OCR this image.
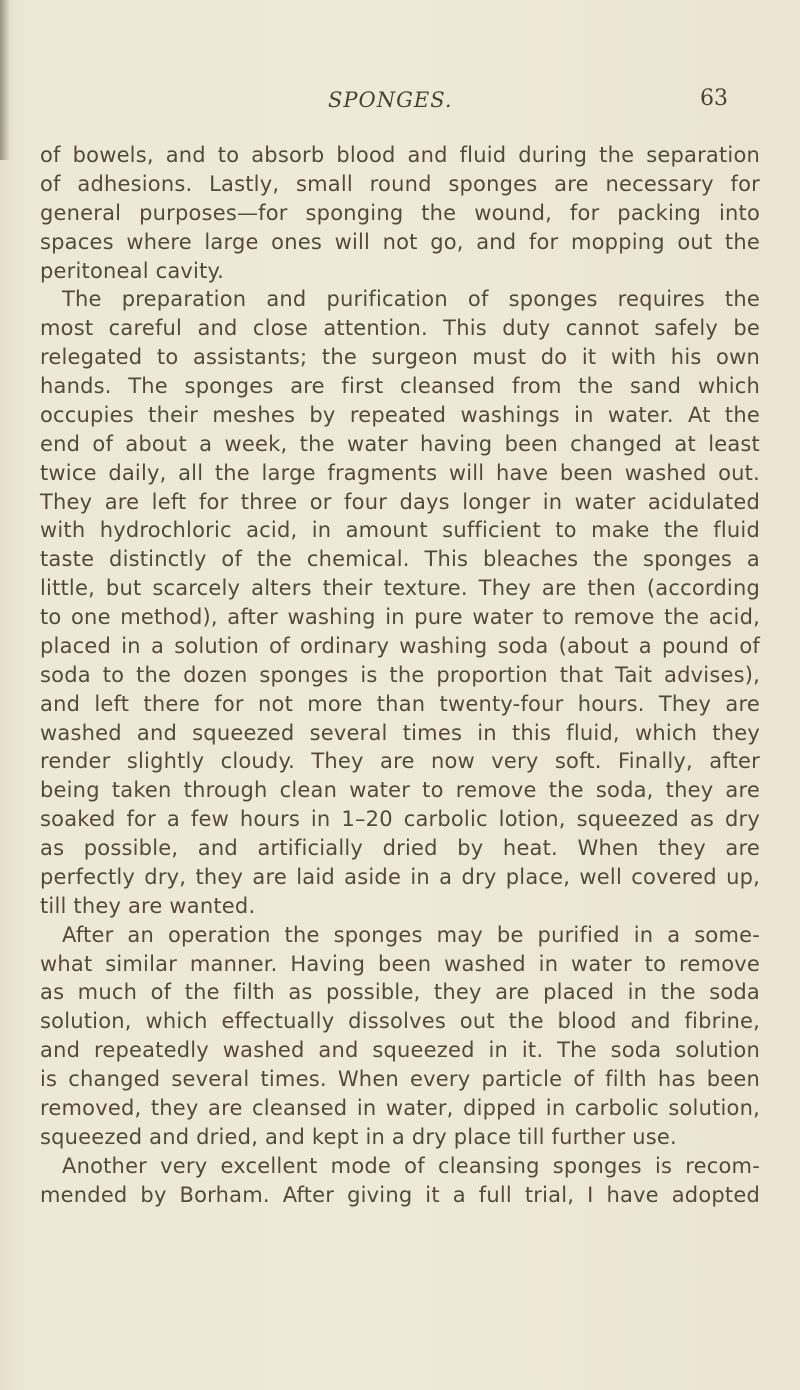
SPONGES.	63
of bowels, and to absorb blood and fluid during the separation
of adhesions. Lastly, small round sponges are necessary for
general purposes—for sponging the wound, for packing into
spaces where large ones will not go, and for mopping out the
peritoneal cavity.
The preparation and purification of sponges requires the
most careful and close attention. This duty cannot safely be
relegated to assistants; the surgeon must do it with his own
hands. The sponges are first cleansed from the sand which
occupies their meshes by repeated washings in water. At the
end of about a week, the water having been changed at least
twice daily, all the large fragments will have been washed out.
They are left for three or four days longer in water acidulated
with hydrochloric acid, in amount sufficient to make the fluid
taste distinctly of the chemical. This bleaches the sponges a
little, but scarcely alters their texture. They are then (according
to one method), after washing in pure water to remove the acid,
placed in a solution of ordinary washing soda (about a pound of
soda to the dozen sponges is the proportion that Tait advises),
and left there for not more than twenty-four hours. They are
washed and squeezed several times in this fluid, which they
render slightly cloudy. They are now very soft. Finally, after
being taken through clean water to remove the soda, they are
soaked for a few hours in 1–20 carbolic lotion, squeezed as dry
as possible, and artificially dried by heat. When they are
perfectly dry, they are laid aside in a dry place, well covered up,
till they are wanted.
After an operation the sponges may be purified in a some-
what similar manner. Having been washed in water to remove
as much of the filth as possible, they are placed in the soda
solution, which effectually dissolves out the blood and fibrine,
and repeatedly washed and squeezed in it. The soda solution
is changed several times. When every particle of filth has been
removed, they are cleansed in water, dipped in carbolic solution,
squeezed and dried, and kept in a dry place till further use.
Another very excellent mode of cleansing sponges is recom-
mended by Borham. After giving it a full trial, I have adopted
